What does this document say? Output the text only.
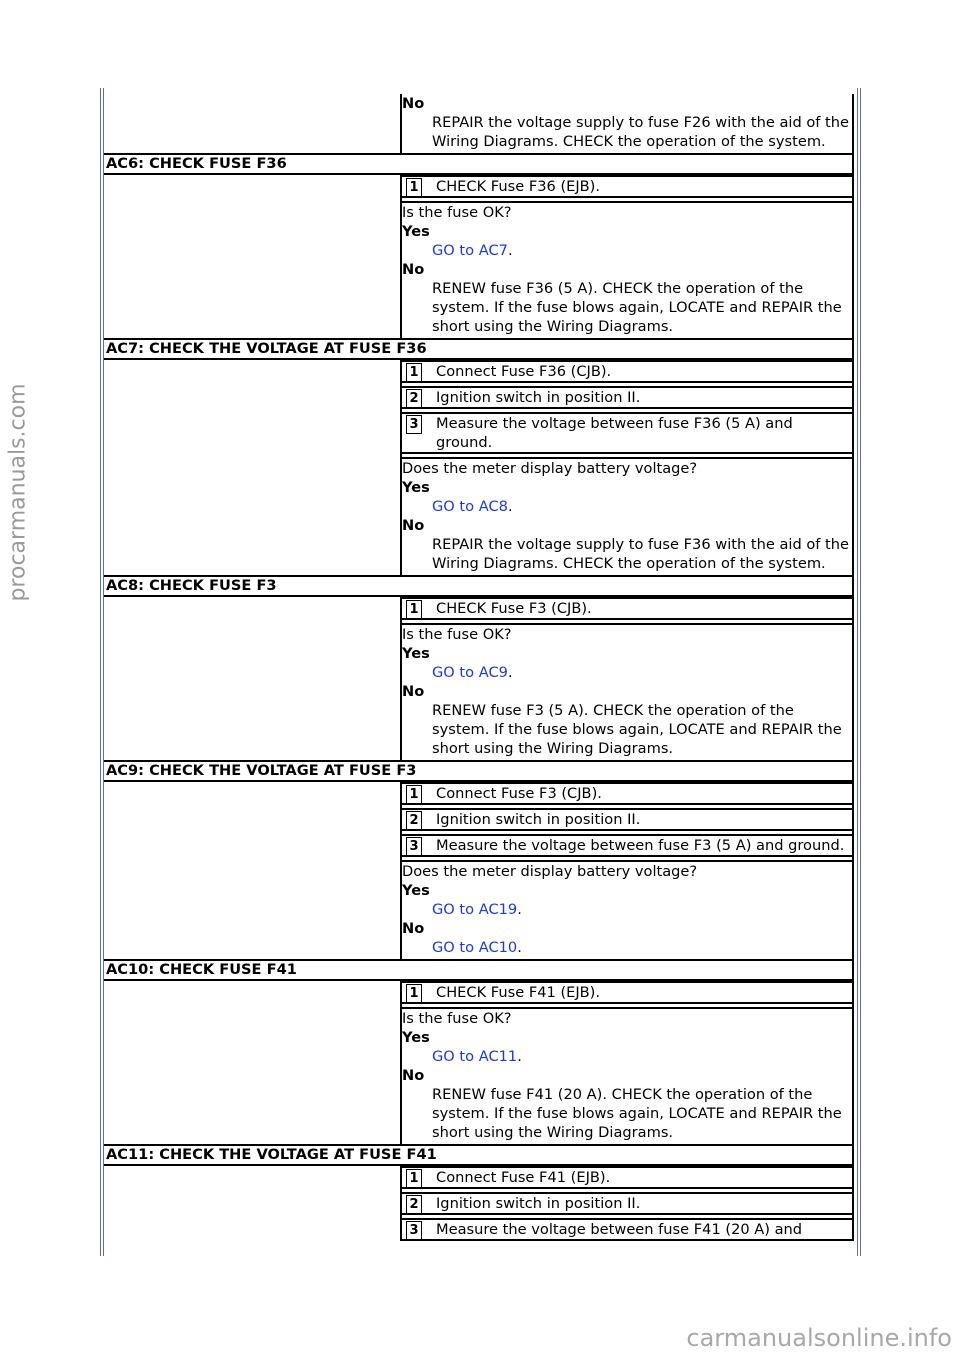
procarmanuals.com
carmanualsonline.info
No
REPAIR the voltage supply to fuse F26 with the aid of the Wiring Diagrams. CHECK the operation of the system.
AC6: CHECK FUSE F36
1 CHECK Fuse F36 (EJB).
Is the fuse OK?
Yes
GO to AC7.
No
RENEW fuse F36 (5 A). CHECK the operation of the system. If the fuse blows again, LOCATE and REPAIR the short using the Wiring Diagrams.
AC7: CHECK THE VOLTAGE AT FUSE F36
1 Connect Fuse F36 (CJB).
2 Ignition switch in position II.
3 Measure the voltage between fuse F36 (5 A) and ground.
Does the meter display battery voltage?
Yes
GO to AC8.
No
REPAIR the voltage supply to fuse F36 with the aid of the Wiring Diagrams. CHECK the operation of the system.
AC8: CHECK FUSE F3
1 CHECK Fuse F3 (CJB).
Is the fuse OK?
Yes
GO to AC9.
No
RENEW fuse F3 (5 A). CHECK the operation of the system. If the fuse blows again, LOCATE and REPAIR the short using the Wiring Diagrams.
AC9: CHECK THE VOLTAGE AT FUSE F3
1 Connect Fuse F3 (CJB).
2 Ignition switch in position II.
3 Measure the voltage between fuse F3 (5 A) and ground.
Does the meter display battery voltage?
Yes
GO to AC19.
No
GO to AC10.
AC10: CHECK FUSE F41
1 CHECK Fuse F41 (EJB).
Is the fuse OK?
Yes
GO to AC11.
No
RENEW fuse F41 (20 A). CHECK the operation of the system. If the fuse blows again, LOCATE and REPAIR the short using the Wiring Diagrams.
AC11: CHECK THE VOLTAGE AT FUSE F41
1 Connect Fuse F41 (EJB).
2 Ignition switch in position II.
3 Measure the voltage between fuse F41 (20 A) and
